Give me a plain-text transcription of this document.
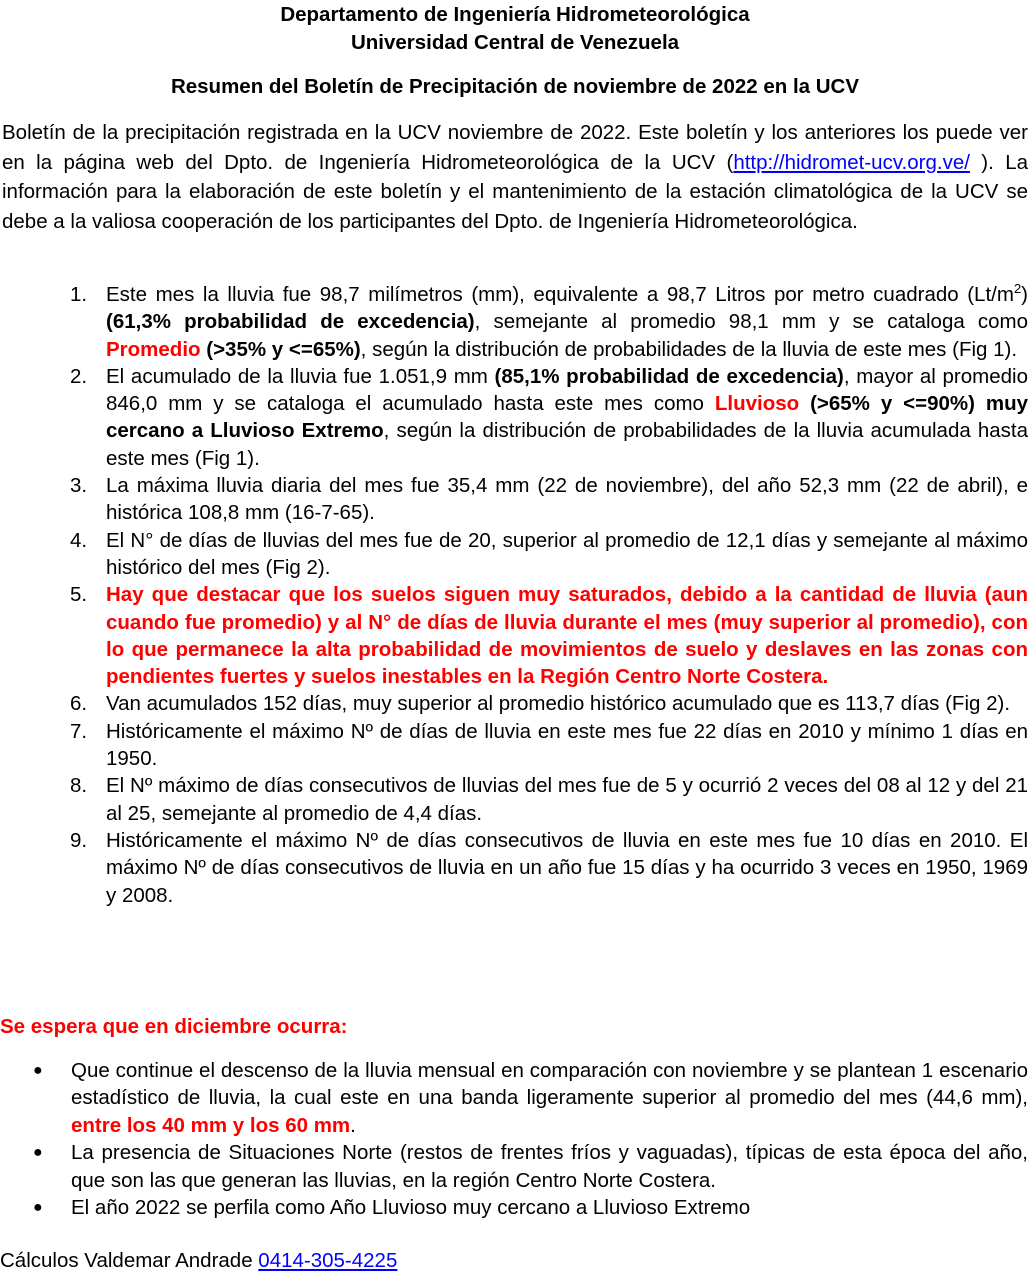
Departamento de Ingeniería Hidrometeorológica
Universidad Central de Venezuela
Resumen del Boletín de Precipitación de noviembre de 2022 en la UCV

Boletín de la precipitación registrada en la UCV noviembre de 2022. Este boletín y los anteriores los puede ver en la página web del Dpto. de Ingeniería Hidrometeorológica de la UCV (http://hidromet-ucv.org.ve/ ). La información para la elaboración de este boletín y el mantenimiento de la estación climatológica de la UCV se debe a la valiosa cooperación de los participantes del Dpto. de Ingeniería Hidrometeorológica.

1. Este mes la lluvia fue 98,7 milímetros (mm), equivalente a 98,7 Litros por metro cuadrado $(Lt/m^2)$ (61,3% probabilidad de excedencia), semejante al promedio 98,1 mm y se cataloga como Promedio (>35% y <=65%), según la distribución de probabilidades de la lluvia de este mes (Fig 1).
2. El acumulado de la lluvia fue 1.051,9 mm (85,1% probabilidad de excedencia), mayor al promedio 846,0 mm y se cataloga el acumulado hasta este mes como Lluvioso (>65% y <=90%) muy cercano a Lluvioso Extremo, según la distribución de probabilidades de la lluvia acumulada hasta este mes (Fig 1).
3. La máxima lluvia diaria del mes fue 35,4 mm (22 de noviembre), del año 52,3 mm (22 de abril), e histórica 108,8 mm (16-7-65).
4. El N° de días de lluvias del mes fue de 20, superior al promedio de 12,1 días y semejante al máximo histórico del mes (Fig 2).
5. Hay que destacar que los suelos siguen muy saturados, debido a la cantidad de lluvia (aun cuando fue promedio) y al N° de días de lluvia durante el mes (muy superior al promedio), con lo que permanece la alta probabilidad de movimientos de suelo y deslaves en las zonas con pendientes fuertes y suelos inestables en la Región Centro Norte Costera.
6. Van acumulados 152 días, muy superior al promedio histórico acumulado que es 113,7 días (Fig 2).
7. Históricamente el máximo Nº de días de lluvia en este mes fue 22 días en 2010 y mínimo 1 días en 1950.
8. El Nº máximo de días consecutivos de lluvias del mes fue de 5 y ocurrió 2 veces del 08 al 12 y del 21 al 25, semejante al promedio de 4,4 días.
9. Históricamente el máximo Nº de días consecutivos de lluvia en este mes fue 10 días en 2010. El máximo Nº de días consecutivos de lluvia en un año fue 15 días y ha ocurrido 3 veces en 1950, 1969 y 2008.
Se espera que en diciembre ocurra:
● Que continue el descenso de la lluvia mensual en comparación con noviembre y se plantean 1 escenario estadístico de lluvia, la cual este en una banda ligeramente superior al promedio del mes (44,6 mm), entre los 40 mm y los 60 mm.
● La presencia de Situaciones Norte (restos de frentes fríos y vaguadas), típicas de esta época del año, que son las que generan las lluvias, en la región Centro Norte Costera.
● El año 2022 se perfila como Año Lluvioso muy cercano a Lluvioso Extremo
Cálculos Valdemar Andrade 0414-305-4225
